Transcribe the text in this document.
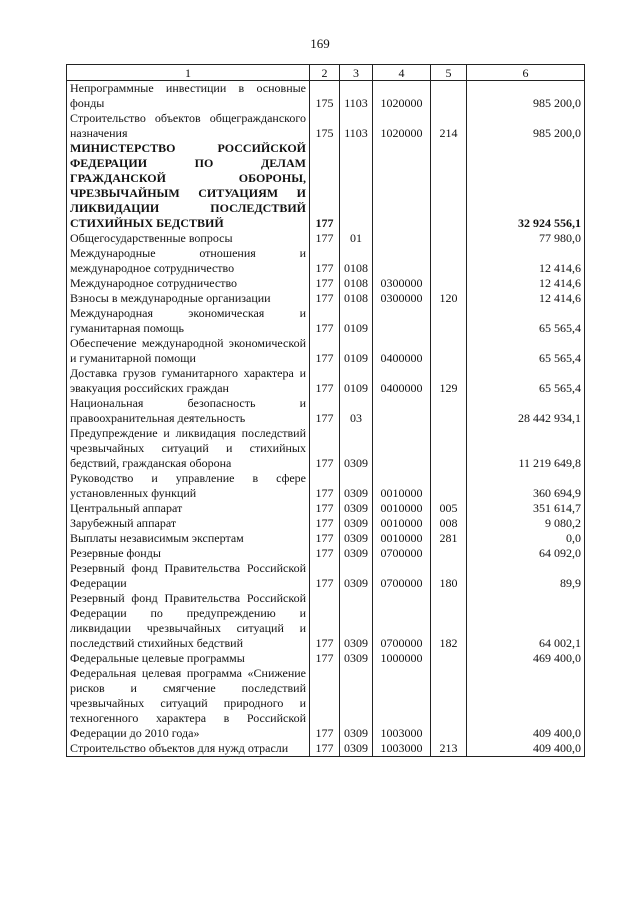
169
1	2	3	4	5	6
Непрограммные инвестиции в основные фонды	175	1103	1020000		985 200,0
Строительство объектов общегражданского назначения	175	1103	1020000	214	985 200,0
МИНИСТЕРСТВО РОССИЙСКОЙ ФЕДЕРАЦИИ ПО ДЕЛАМ ГРАЖДАНСКОЙ ОБОРОНЫ, ЧРЕЗВЫЧАЙНЫМ СИТУАЦИЯМ И ЛИКВИДАЦИИ ПОСЛЕДСТВИЙ СТИХИЙНЫХ БЕДСТВИЙ	177				32 924 556,1
Общегосударственные вопросы	177	01			77 980,0
Международные отношения и международное сотрудничество	177	0108			12 414,6
Международное сотрудничество	177	0108	0300000		12 414,6
Взносы в международные организации	177	0108	0300000	120	12 414,6
Международная экономическая и гуманитарная помощь	177	0109			65 565,4
Обеспечение международной экономической и гуманитарной помощи	177	0109	0400000		65 565,4
Доставка грузов гуманитарного характера и эвакуация российских граждан	177	0109	0400000	129	65 565,4
Национальная безопасность и правоохранительная деятельность	177	03			28 442 934,1
Предупреждение и ликвидация последствий чрезвычайных ситуаций и стихийных бедствий, гражданская оборона	177	0309			11 219 649,8
Руководство и управление в сфере установленных функций	177	0309	0010000		360 694,9
Центральный аппарат	177	0309	0010000	005	351 614,7
Зарубежный аппарат	177	0309	0010000	008	9 080,2
Выплаты независимым экспертам	177	0309	0010000	281	0,0
Резервные фонды	177	0309	0700000		64 092,0
Резервный фонд Правительства Российской Федерации	177	0309	0700000	180	89,9
Резервный фонд Правительства Российской Федерации по предупреждению и ликвидации чрезвычайных ситуаций и последствий стихийных бедствий	177	0309	0700000	182	64 002,1
Федеральные целевые программы	177	0309	1000000		469 400,0
Федеральная целевая программа «Снижение рисков и смягчение последствий чрезвычайных ситуаций природного и техногенного характера в Российской Федерации до 2010 года»	177	0309	1003000		409 400,0
Строительство объектов для нужд отрасли	177	0309	1003000	213	409 400,0
